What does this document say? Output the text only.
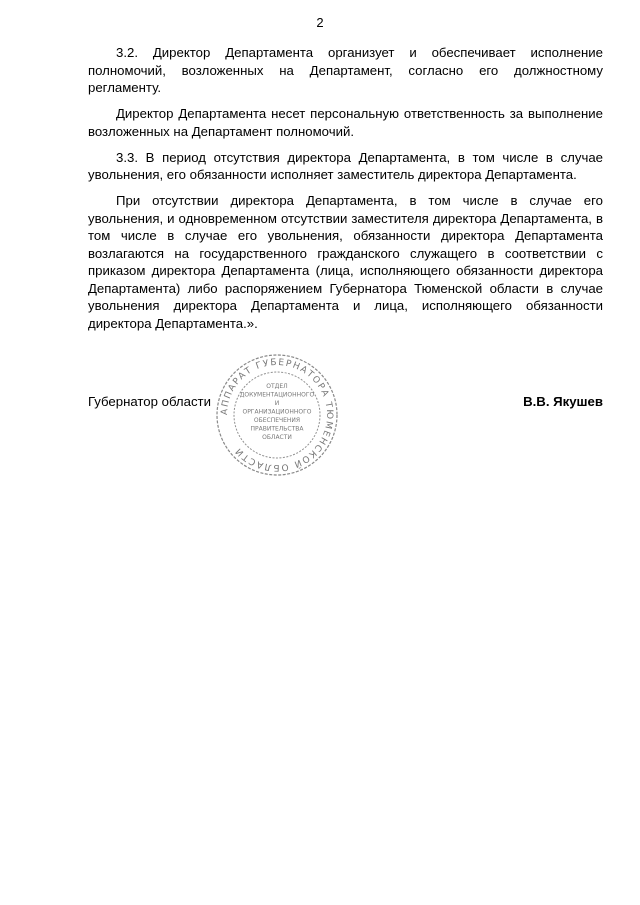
2

3.2. Директор Департамента организует и обеспечивает исполнение полномочий, возложенных на Департамент, согласно его должностному регламенту.

Директор Департамента несет персональную ответственность за выполнение возложенных на Департамент полномочий.

3.3. В период отсутствия директора Департамента, в том числе в случае увольнения, его обязанности исполняет заместитель директора Департамента.

При отсутствии директора Департамента, в том числе в случае его увольнения, и одновременном отсутствии заместителя директора Департамента, в том числе в случае его увольнения, обязанности директора Департамента возлагаются на государственного гражданского служащего в соответствии с приказом директора Департамента (лица, исполняющего обязанности директора Департамента) либо распоряжением Губернатора Тюменской области в случае увольнения директора Департамента и лица, исполняющего обязанности директора Департамента.».

Губернатор области	В.В. Якушев
АППАРАТ ГУБЕРНАТОРА ТЮМЕНСКОЙ ОБЛАСТИ
ОТДЕЛ
ДОКУМЕНТАЦИОННОГО
И
ОРГАНИЗАЦИОННОГО
ОБЕСПЕЧЕНИЯ
ПРАВИТЕЛЬСТВА
ОБЛАСТИ
